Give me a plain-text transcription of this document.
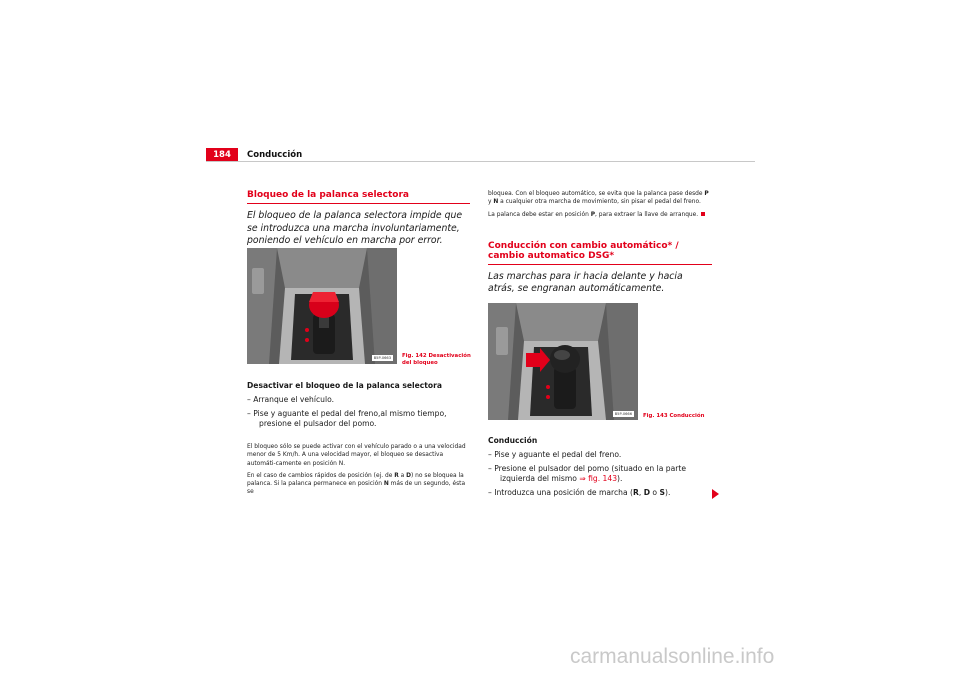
184	Conducción
Bloqueo de la palanca selectora
El bloqueo de la palanca selectora impide que se introduzca una marcha involuntariamente, poniendo el vehículo en marcha por error.
B5P-0663	Fig. 142 Desactivación
del bloqueo
Desactivar el bloqueo de la palanca selectora
– Arranque el vehículo.
– Pise y aguante el pedal del freno,al mismo tiempo, presione el pulsador del pomo.
El bloqueo sólo se puede activar con el vehículo parado o a una velocidad menor de 5 Km/h. A una velocidad mayor, el bloqueo se desactiva automáti-camente en posición N.
En el caso de cambios rápidos de posición (ej. de R a D) no se bloquea la palanca. Si la palanca permanece en posición N más de un segundo, ésta se
bloquea. Con el bloqueo automático, se evita que la palanca pase desde P y N a cualquier otra marcha de movimiento, sin pisar el pedal del freno.
La palanca debe estar en posición P, para extraer la llave de arranque.
Conducción con cambio automático* / cambio automatico DSG*
Las marchas para ir hacia delante y hacia atrás, se engranan automáticamente.
B5P-0666	Fig. 143 Conducción
Conducción
– Pise y aguante el pedal del freno.
– Presione el pulsador del pomo (situado en la parte izquierda del mismo ⇒ fig. 143).
– Introduzca una posición de marcha (R, D o S).
carmanualsonline.info
